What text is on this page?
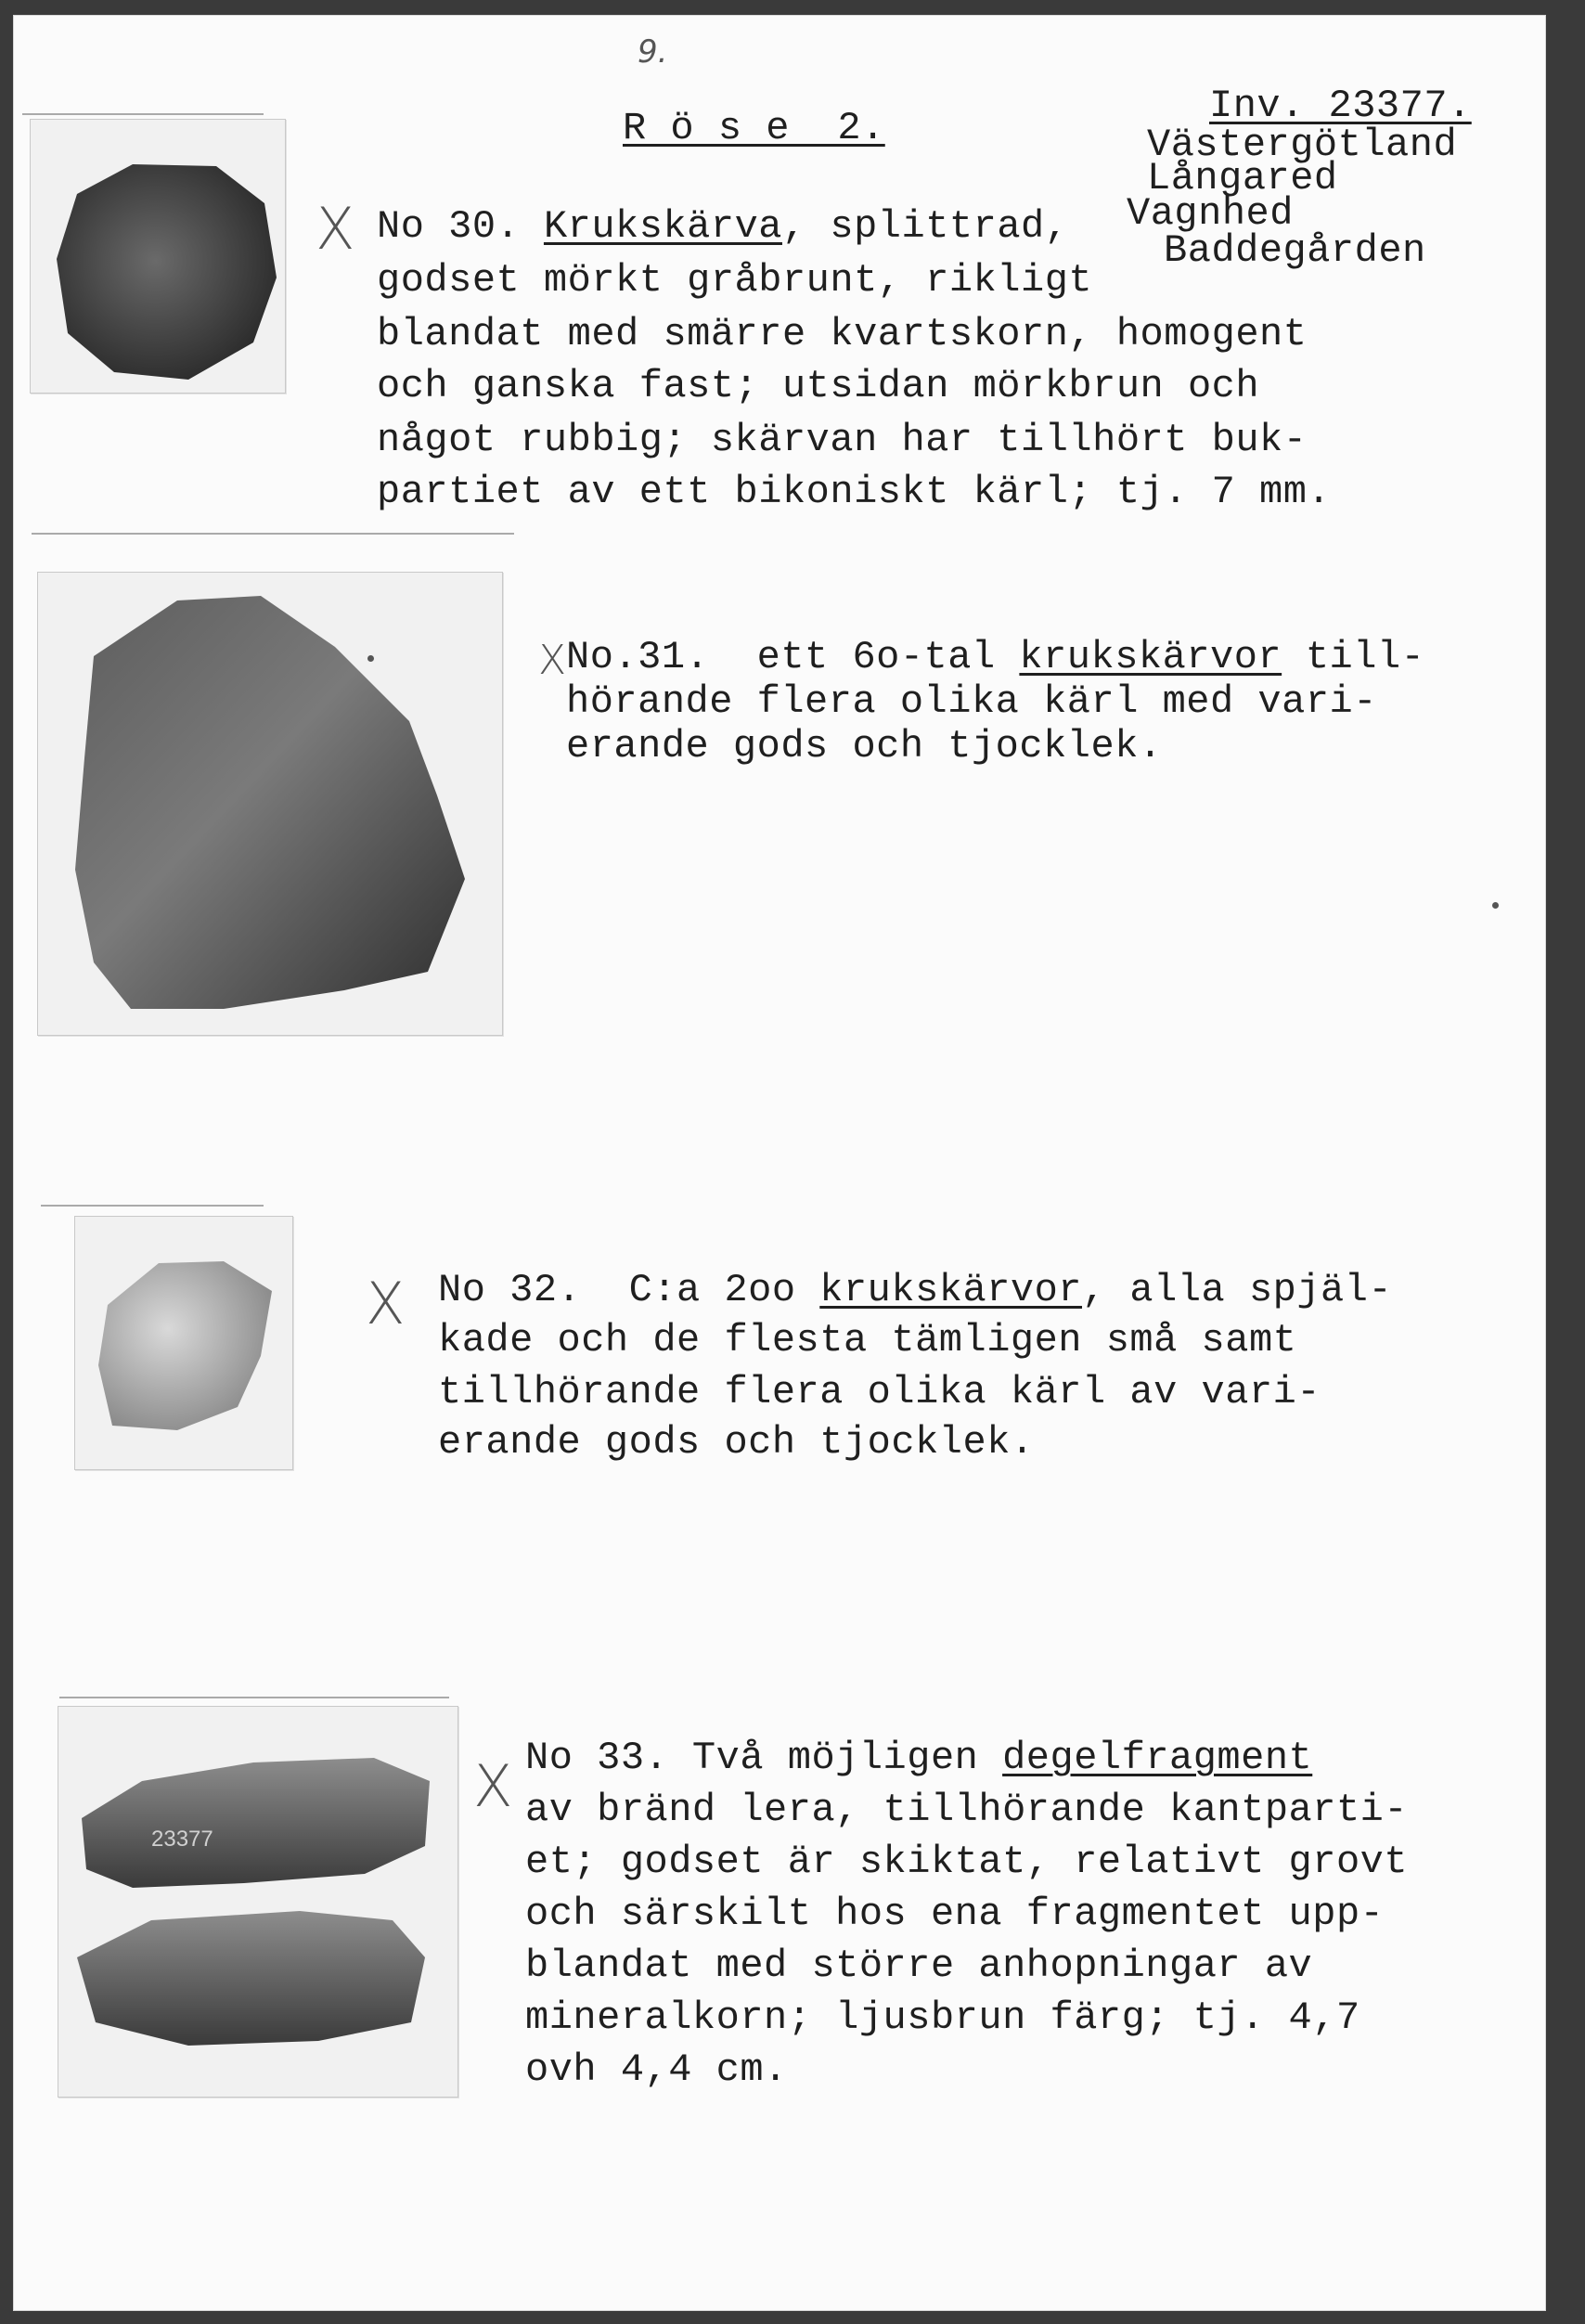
9.
R ö s e  2.	Inv. 23377.
Västergötland
Långared
Vagnhed
Baddegården
X No 30. Krukskärva, splittrad,
godset mörkt gråbrunt, rikligt
blandat med smärre kvartskorn, homogent
och ganska fast; utsidan mörkbrun och
något rubbig; skärvan har tillhört buk-
partiet av ett bikoniskt kärl; tj. 7 mm.
X No.31.  ett 6o-tal krukskärvor till-
hörande flera olika kärl med vari-
erande gods och tjocklek.
X No 32.  C:a 2oo krukskärvor, alla spjäl-
kade och de flesta tämligen små samt
tillhörande flera olika kärl av vari-
erande gods och tjocklek.
23377
X No 33. Två möjligen degelfragment
av bränd lera, tillhörande kantparti-
et; godset är skiktat, relativt grovt
och särskilt hos ena fragmentet upp-
blandat med större anhopningar av
mineralkorn; ljusbrun färg; tj. 4,7
ovh 4,4 cm.
